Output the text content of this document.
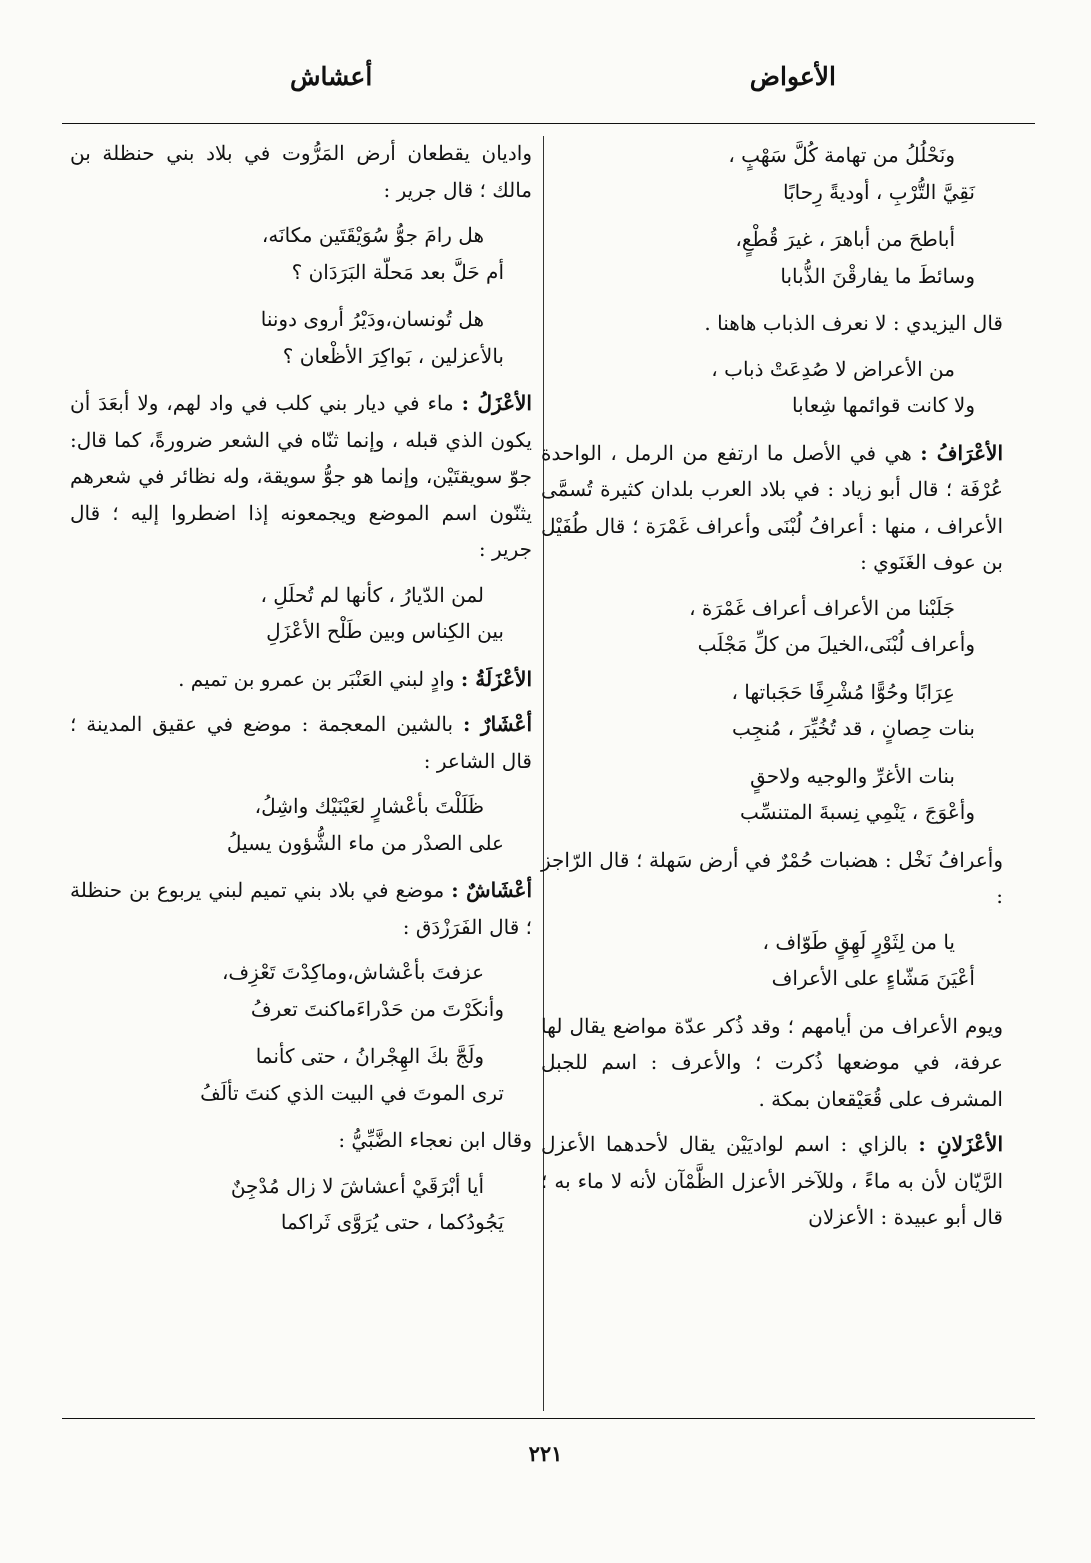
الأعواض
أعشاش
ونَحْلُلُ من تهامة كُلَّ سَهْبٍ ،
نَقِيَّ التُّرْبِ ، أوديةً رِحابًا
أباطحَ من أباهرَ ، غيرَ قُطْعٍ،
وسائطَ ما يفارقْنَ الذُّبابا

قال اليزيدي : لا نعرف الذباب هاهنا .

من الأعراض لا صُدِعَتْ ذباب ،
ولا كانت قوائمها شِعابا

الأعْرَافُ : هي في الأصل ما ارتفع من الرمل ، الواحدة عُرْفَة ؛ قال أبو زياد : في بلاد العرب بلدان كثيرة تُسمَّى الأعراف ، منها : أعرافُ لُبْنَى وأعراف غَمْرَة ؛ قال طُفَيْل بن عوف الغَنَوي :

جَلَبْنا من الأعراف أعراف غَمْرَة ،
وأعراف لُبْنَى،الخيلَ من كلِّ مَجْلَب
عِرَابًا وحُوًّا مُشْرِفًا حَجَباتها ،
بنات حِصانٍ ، قد تُخُيِّرَ ، مُنجِب
بنات الأغرِّ والوجيه ولاحقٍ
وأعْوَجَ ، يَنْمِي نِسبةَ المتنسِّب

وأعرافُ نَخْل : هضبات حُمْرٌ في أرض سَهلة ؛ قال الرّاجز :

يا من لِثَوْرٍ لَهِقٍ طَوّاف ،
أعْيَنَ مَشّاءٍ على الأعراف

ويوم الأعراف من أيامهم ؛ وقد ذُكر عدّة مواضع يقال لها عرفة، في موضعها ذُكرت ؛ والأعرف : اسم للجبل المشرف على قُعَيْقعان بمكة .

الأعْزَلانِ : بالزاي : اسم لواديَيْن يقال لأحدهما الأعزل الرَّيّان لأن به ماءً ، وللآخر الأعزل الظَّمْآن لأنه لا ماء به ؛ قال أبو عبيدة : الأعزلان

واديان يقطعان أرض المَرُّوت في بلاد بني حنظلة بن مالك ؛ قال جرير :

هل رامَ جوُّ سُوَيْقَتَين مكانَه،
أم حَلَّ بعد مَحلّة البَرَدَان ؟
هل تُونسان،ودَيْرُ أروى دوننا
بالأعزلين ، بَواكِرَ الأظْعان ؟

الأعْزَلُ : ماء في ديار بني كلب في واد لهم، ولا أبعَدَ أن يكون الذي قبله ، وإنما ثنّاه في الشعر ضرورةً، كما قال: جوّ سويقتَيْن، وإنما هو جوُّ سويقة، وله نظائر في شعرهم يثنّون اسم الموضع ويجمعونه إذا اضطروا إليه ؛ قال جرير :

لمن الدّيارُ ، كأنها لم تُحلَلِ ،
بين الكِناس وبين طَلْح الأعْزَلِ

الأعْزَلَةُ : وادٍ لبني العَنْبَر بن عمرو بن تميم .

أعْشَارٌ : بالشين المعجمة : موضع في عقيق المدينة ؛ قال الشاعر :

ظَلَلْتَ بأعْشارٍ لعَيْنَيْك واشِلُ،
على الصدْر من ماء الشُّؤون يسيلُ

أعْشَاشٌ : موضع في بلاد بني تميم لبني يربوع بن حنظلة ؛ قال الفَرَزْدَق :

عزفتَ بأعْشاش،وماكِدْتَ تَعْزِف،
وأنكَرْتَ من حَدْراءَماكنتَ تعرفُ
ولَجَّ بكَ الهِجْرانُ ، حتى كأنما
ترى الموتَ في البيت الذي كنتَ تألَفُ

وقال ابن نعجاء الضَّبِّيُّ :

أيا أبْرَقَيْ أعشاشَ لا زال مُدْجِنٌ
يَجُودُكما ، حتى يُرَوَّى ثَراكما
٢٢١
